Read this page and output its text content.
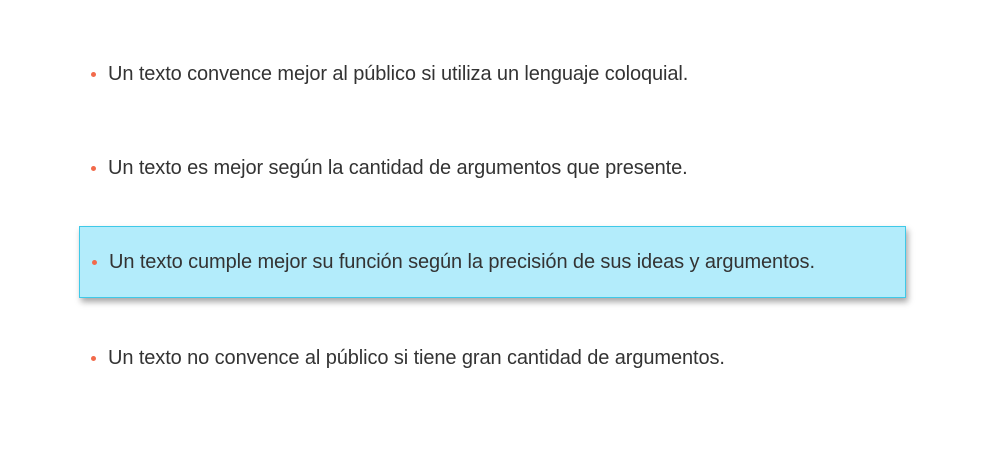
Un texto convence mejor al público si utiliza un lenguaje coloquial.
Un texto es mejor según la cantidad de argumentos que presente.
Un texto cumple mejor su función según la precisión de sus ideas y argumentos.
Un texto no convence al público si tiene gran cantidad de argumentos.
